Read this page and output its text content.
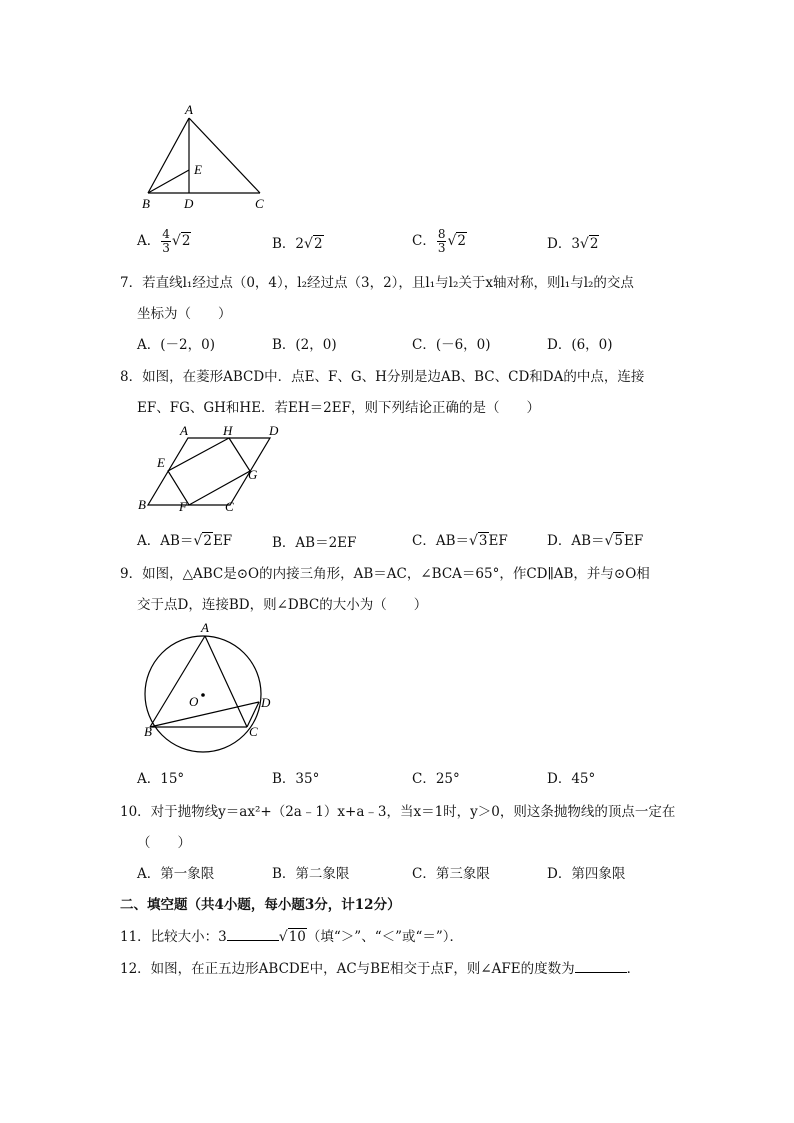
A
E
B	D	C
A． $\frac{4}{3} √2$	B．2√2	C． $\frac{8}{3} √2$	D．3√2
7．若直线l₁经过点（0，4），l₂经过点（3，2），且l₁与l₂关于x轴对称，则l₁与l₂的交点
坐标为（　　）
A．(－2，0)	B．(2，0)	C．(－6，0)	D．(6，0)
8．如图，在菱形ABCD中．点E、F、G、H分别是边AB、BC、CD和DA的中点，连接
EF、FG、GH和HE．若EH＝2EF，则下列结论正确的是（　　）
A	H	D
E
G
B	F	C
A．AB＝√2EF	B．AB＝2EF	C．AB＝√3EF	D．AB＝√5EF
9．如图，△ABC是⊙O的内接三角形，AB＝AC，∠BCA＝65°，作CD∥AB，并与⊙O相
交于点D，连接BD，则∠DBC的大小为（　　）
A
O	D
B	C
A．15°	B．35°	C．25°	D．45°
10．对于抛物线y＝ax²+（2a﹣1）x+a﹣3，当x＝1时，y＞0，则这条抛物线的顶点一定在
（　　）
A．第一象限	B．第二象限	C．第三象限	D．第四象限
二、填空题（共4小题，每小题3分，计12分）
11．比较大小：3	√10（填“＞”、“＜”或“＝”）．
12．如图，在正五边形ABCDE中，AC与BE相交于点F，则∠AFE的度数为	．
